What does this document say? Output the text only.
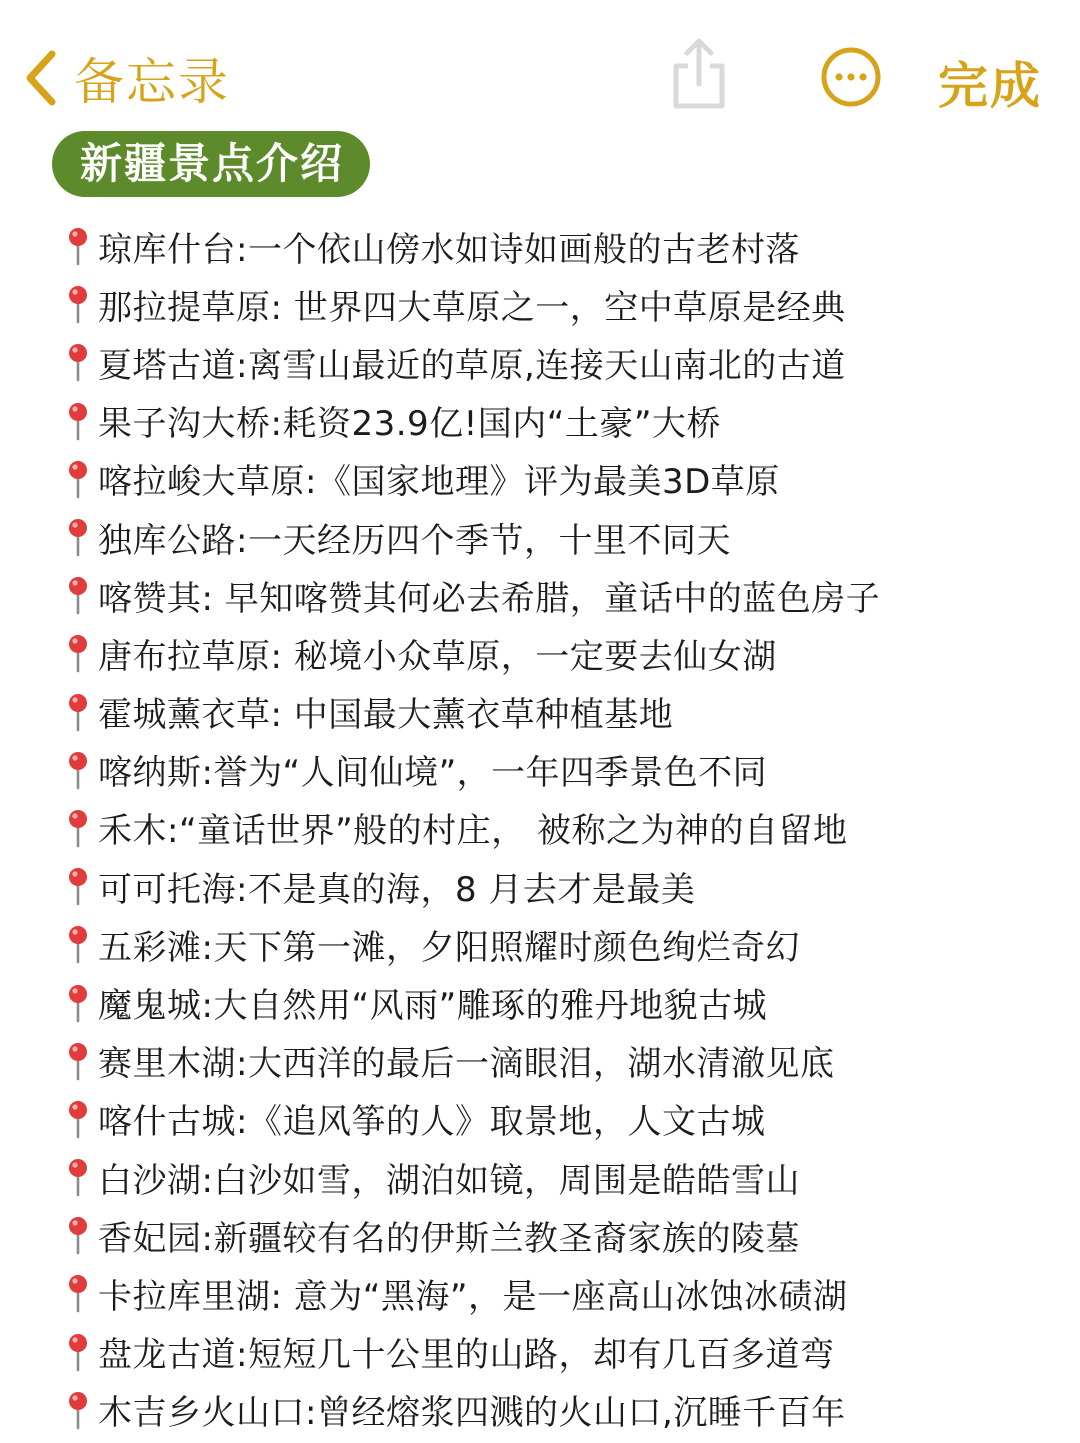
备忘录	完成
新疆景点介绍
琼库什台:一个依山傍水如诗如画般的古老村落
那拉提草原: 世界四大草原之一，空中草原是经典
夏塔古道:离雪山最近的草原,连接天山南北的古道
果子沟大桥:耗资23.9亿!国内“土豪”大桥
喀拉峻大草原:《国家地理》评为最美3D草原
独库公路:一天经历四个季节，十里不同天
喀赞其: 早知喀赞其何必去希腊，童话中的蓝色房子
唐布拉草原: 秘境小众草原，一定要去仙女湖
霍城薰衣草: 中国最大薰衣草种植基地
喀纳斯:誉为“人间仙境”，一年四季景色不同
禾木:“童话世界”般的村庄， 被称之为神的自留地
可可托海:不是真的海，8 月去才是最美
五彩滩:天下第一滩，夕阳照耀时颜色绚烂奇幻
魔鬼城:大自然用“风雨”雕琢的雅丹地貌古城
赛里木湖:大西洋的最后一滴眼泪，湖水清澈见底
喀什古城:《追风筝的人》取景地，人文古城
白沙湖:白沙如雪，湖泊如镜，周围是皓皓雪山
香妃园:新疆较有名的伊斯兰教圣裔家族的陵墓
卡拉库里湖: 意为“黑海”，是一座高山冰蚀冰碛湖
盘龙古道:短短几十公里的山路，却有几百多道弯
木吉乡火山口:曾经熔浆四溅的火山口,沉睡千百年
